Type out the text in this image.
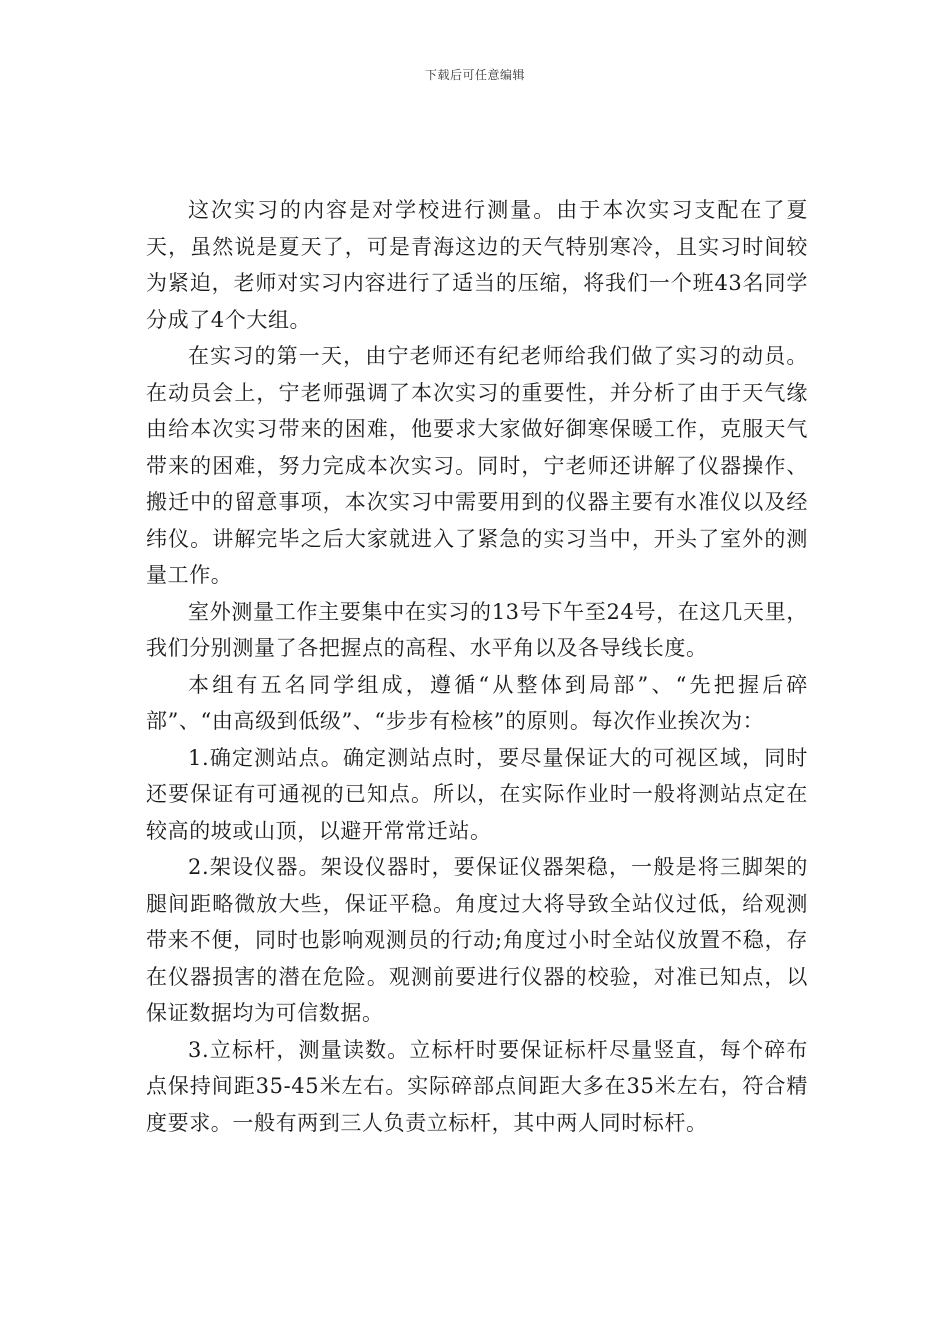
下载后可任意编辑

这次实习的内容是对学校进行测量。由于本次实习支配在了夏天，虽然说是夏天了，可是青海这边的天气特别寒冷，且实习时间较为紧迫，老师对实习内容进行了适当的压缩，将我们一个班43名同学分成了4个大组。

在实习的第一天，由宁老师还有纪老师给我们做了实习的动员。在动员会上，宁老师强调了本次实习的重要性，并分析了由于天气缘由给本次实习带来的困难，他要求大家做好御寒保暖工作，克服天气带来的困难，努力完成本次实习。同时，宁老师还讲解了仪器操作、搬迁中的留意事项，本次实习中需要用到的仪器主要有水准仪以及经纬仪。讲解完毕之后大家就进入了紧急的实习当中，开头了室外的测量工作。

室外测量工作主要集中在实习的13号下午至24号，在这几天里，我们分别测量了各把握点的高程、水平角以及各导线长度。

本组有五名同学组成，遵循“从整体到局部”、“先把握后碎部”、“由高级到低级”、“步步有检核”的原则。每次作业挨次为：

1.确定测站点。确定测站点时，要尽量保证大的可视区域，同时还要保证有可通视的已知点。所以，在实际作业时一般将测站点定在较高的坡或山顶，以避开常常迁站。

2.架设仪器。架设仪器时，要保证仪器架稳，一般是将三脚架的腿间距略微放大些，保证平稳。角度过大将导致全站仪过低，给观测带来不便，同时也影响观测员的行动;角度过小时全站仪放置不稳，存在仪器损害的潜在危险。观测前要进行仪器的校验，对准已知点，以保证数据均为可信数据。

3.立标杆，测量读数。立标杆时要保证标杆尽量竖直，每个碎布点保持间距35-45米左右。实际碎部点间距大多在35米左右，符合精度要求。一般有两到三人负责立标杆，其中两人同时标杆。
